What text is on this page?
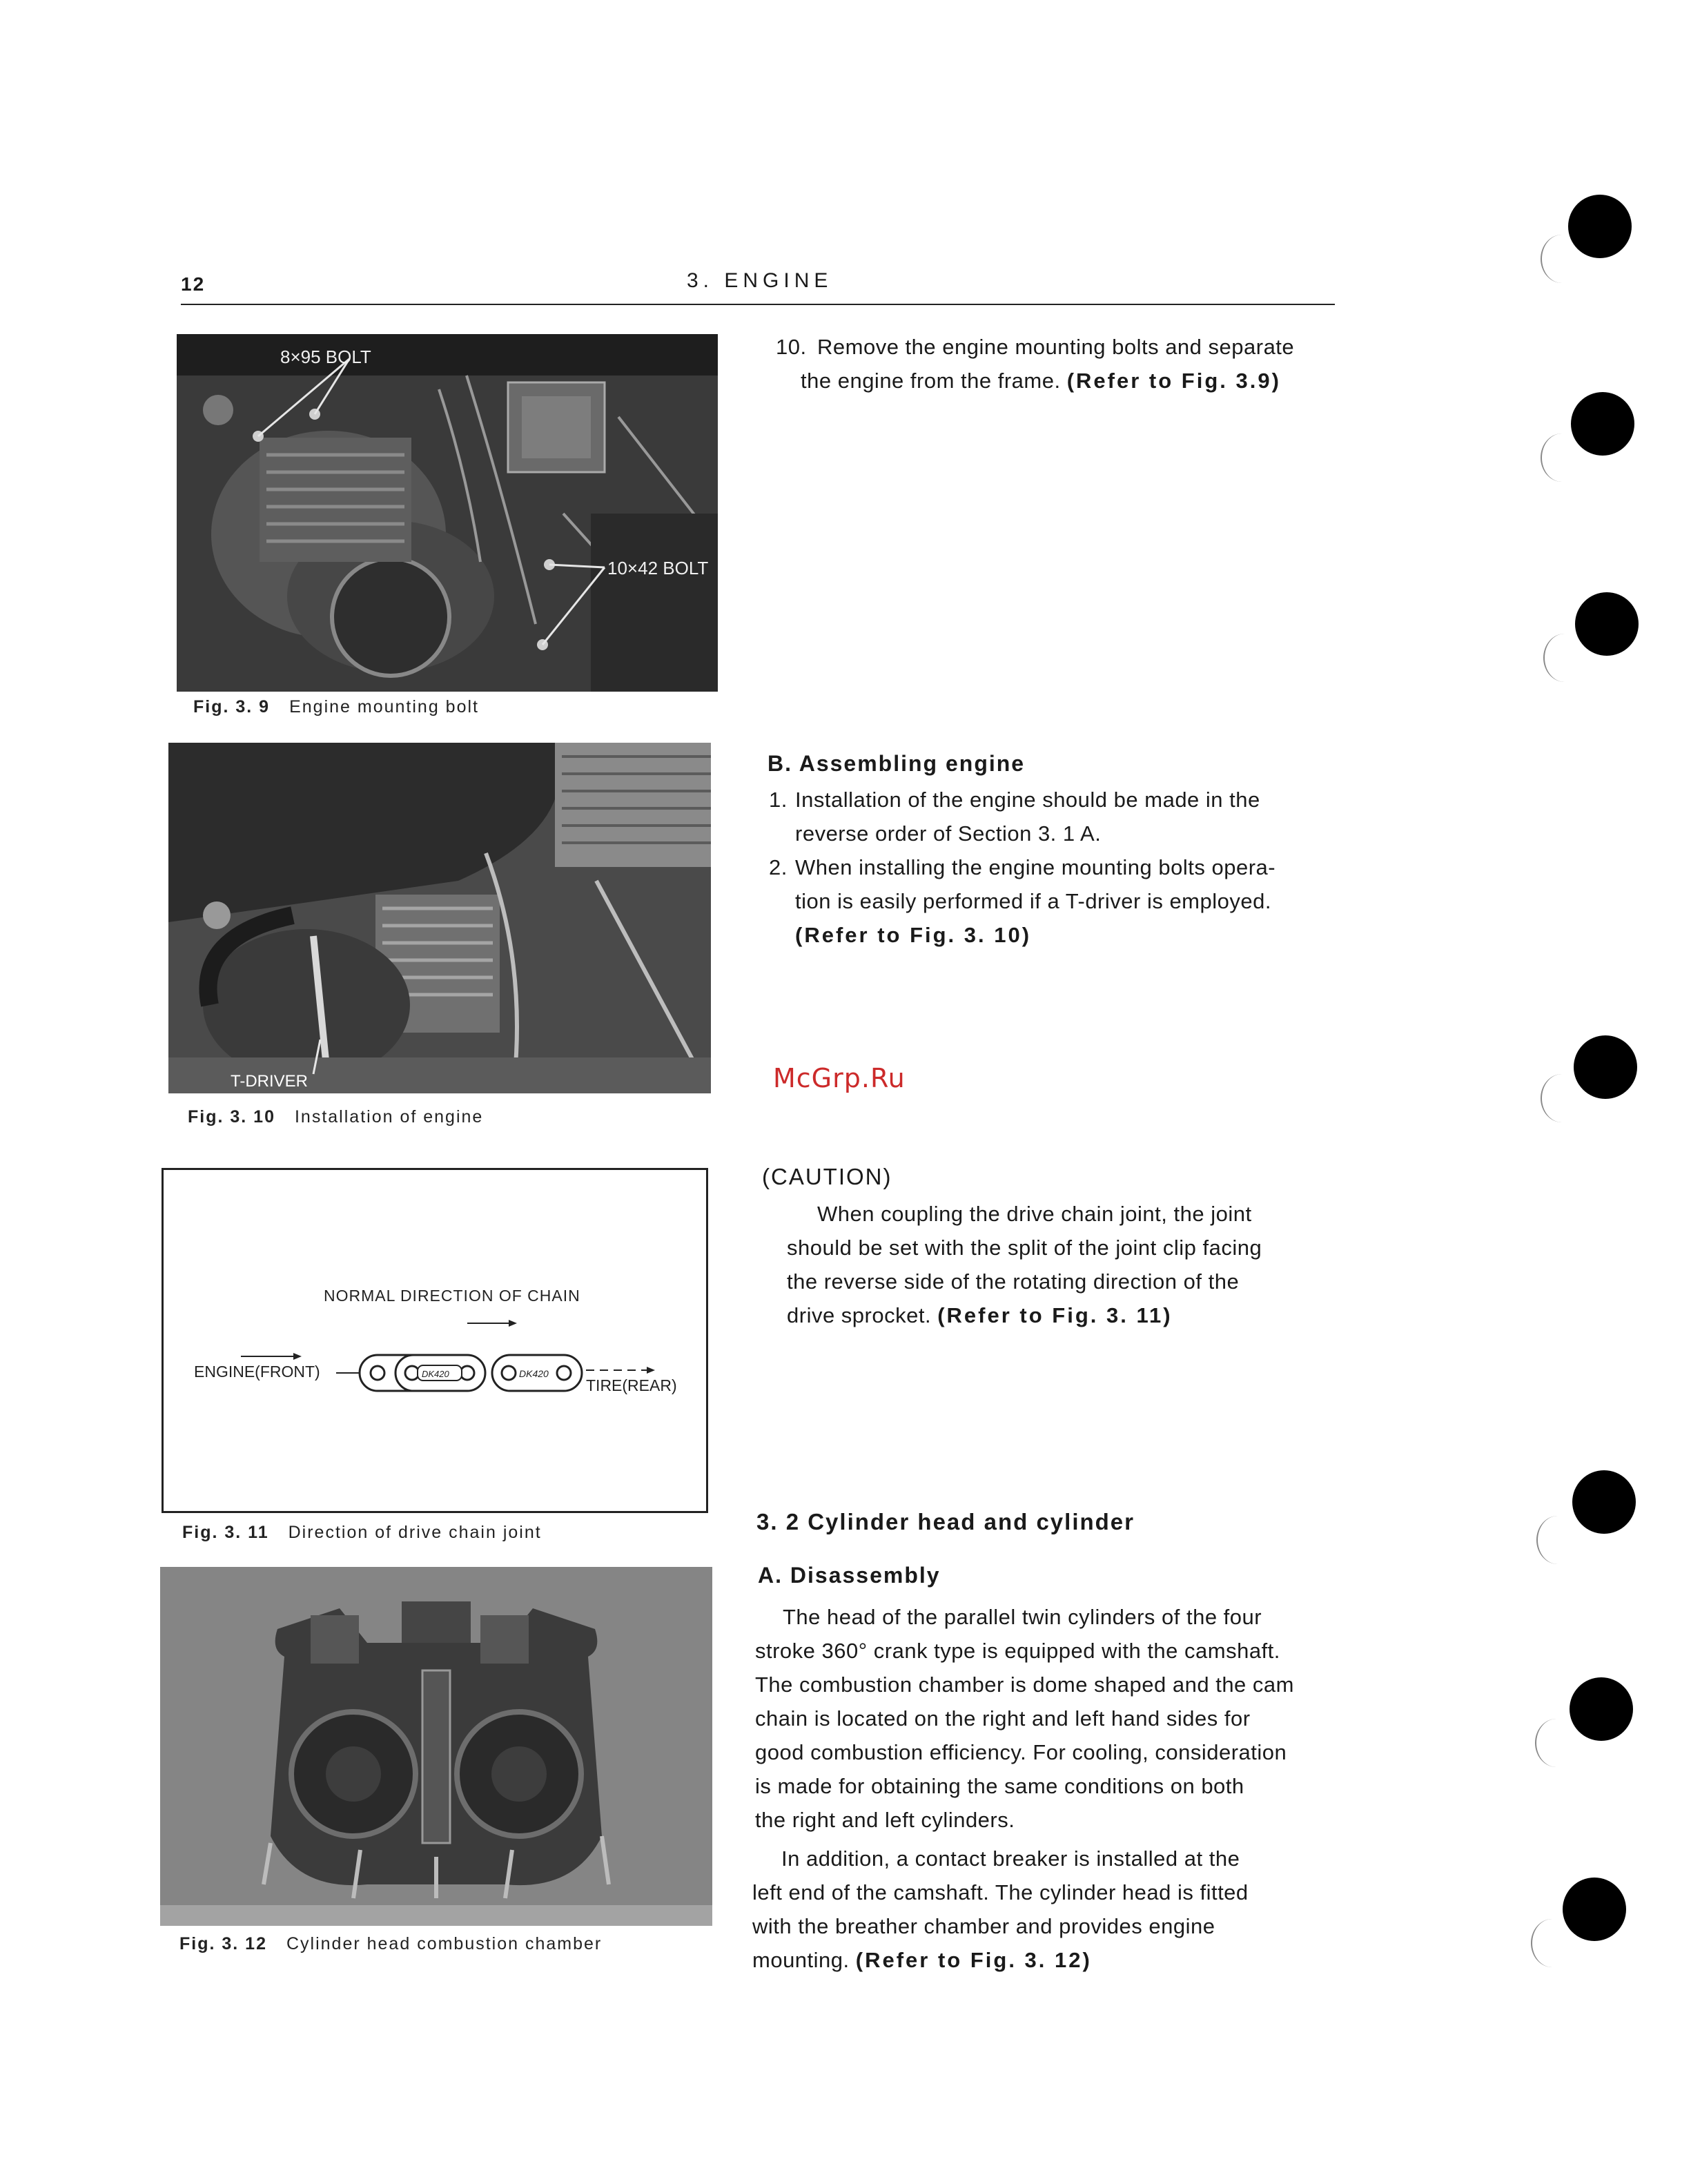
12	3. ENGINE
8×95 BOLT
10×42 BOLT
Fig. 3. 9 Engine mounting bolt
T-DRIVER
Fig. 3. 10 Installation of engine
NORMAL DIRECTION OF CHAIN
ENGINE(FRONT)	DK420	DK420
TIRE(REAR)
Fig. 3. 11 Direction of drive chain joint
Fig. 3. 12 Cylinder head combustion chamber
10. Remove the engine mounting bolts and separate
the engine from the frame. (Refer to Fig. 3.9)
B. Assembling engine
1. Installation of the engine should be made in the
reverse order of Section 3. 1 A.
2. When installing the engine mounting bolts opera-
tion is easily performed if a T-driver is employed.
(Refer to Fig. 3. 10)
McGrp.Ru
(CAUTION)
When coupling the drive chain joint, the joint
should be set with the split of the joint clip facing
the reverse side of the rotating direction of the
drive sprocket. (Refer to Fig. 3. 11)
3. 2 Cylinder head and cylinder
A. Disassembly
The head of the parallel twin cylinders of the four
stroke 360° crank type is equipped with the camshaft.
The combustion chamber is dome shaped and the cam
chain is located on the right and left hand sides for
good combustion efficiency. For cooling, consideration
is made for obtaining the same conditions on both
the right and left cylinders.
In addition, a contact breaker is installed at the
left end of the camshaft. The cylinder head is fitted
with the breather chamber and provides engine
mounting. (Refer to Fig. 3. 12)
